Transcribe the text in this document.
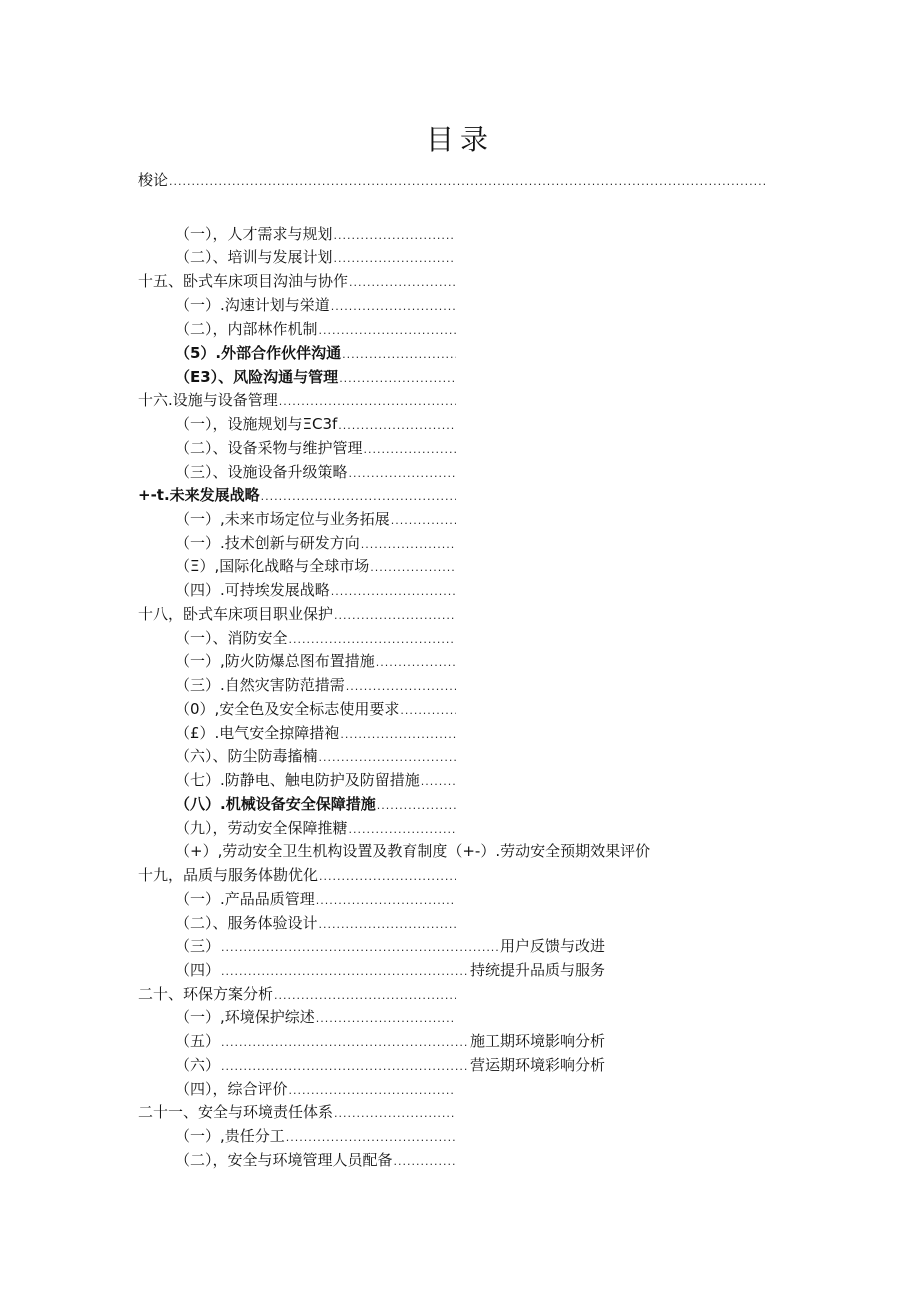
目录
梭论
.....
（一），人才需求与规划
.....
（二）、培训与发展计划
.....
十五、卧式车床项目沟油与协作
.....
（一）.沟速计划与栄道
.....
（二），内部林作机制
.....
（5）.外部合作伙伴沟通
.....
（E3）、风险沟通与管理
.....
十六.设施与设备管理
.....
（一），设施规划与ΞC3f
.....
（二）、设备采物与维护管理
.....
（三）、设施设备升级策略
.....
+-t.未来发展战略
.....
（一）,未来市场定位与业务拓展
.....
（一）.技术创新与研发方向
.....
（Ξ）,国际化战略与全球市场
.....
（四）.可持埃发展战略
.....
十八，卧式车床项目职业保护
.....
（一）、消防安全
.....
（一）,防火防爆总图布置措施
.....
（三）.自然灾害防范措需
.....
（0）,安全色及安全标志使用要求
.....
（£）.电气安全掠障措袍
.....
（六）、防尘防毒搐楠
.....
（七）.防静电、触电防护及防留措施
.....
（八）.机械设备安全保障措施
.....
（九），劳动安全保障推糖
.....
（+）,劳动安全卫生机构设置及教育制度（+-）.劳动安全预期效果评价
十九，品质与服务体勘优化
.....
（一）.产品品质管理
.....
（二）、服务体验设计
.....
（三） .....	用户反馈与改进
（四） .....	持统提升品质与服务
二十、环保方案分析
.....
（一）,环境保护综述
.....
（五） .....	施工期环境影响分析
（六） .....	营运期环境彩响分析
（四），综合评价
.....
二十一、安全与环境责任体系
.....
（一）,贵任分工
.....
（二），安全与环境管理人员配备
.....
